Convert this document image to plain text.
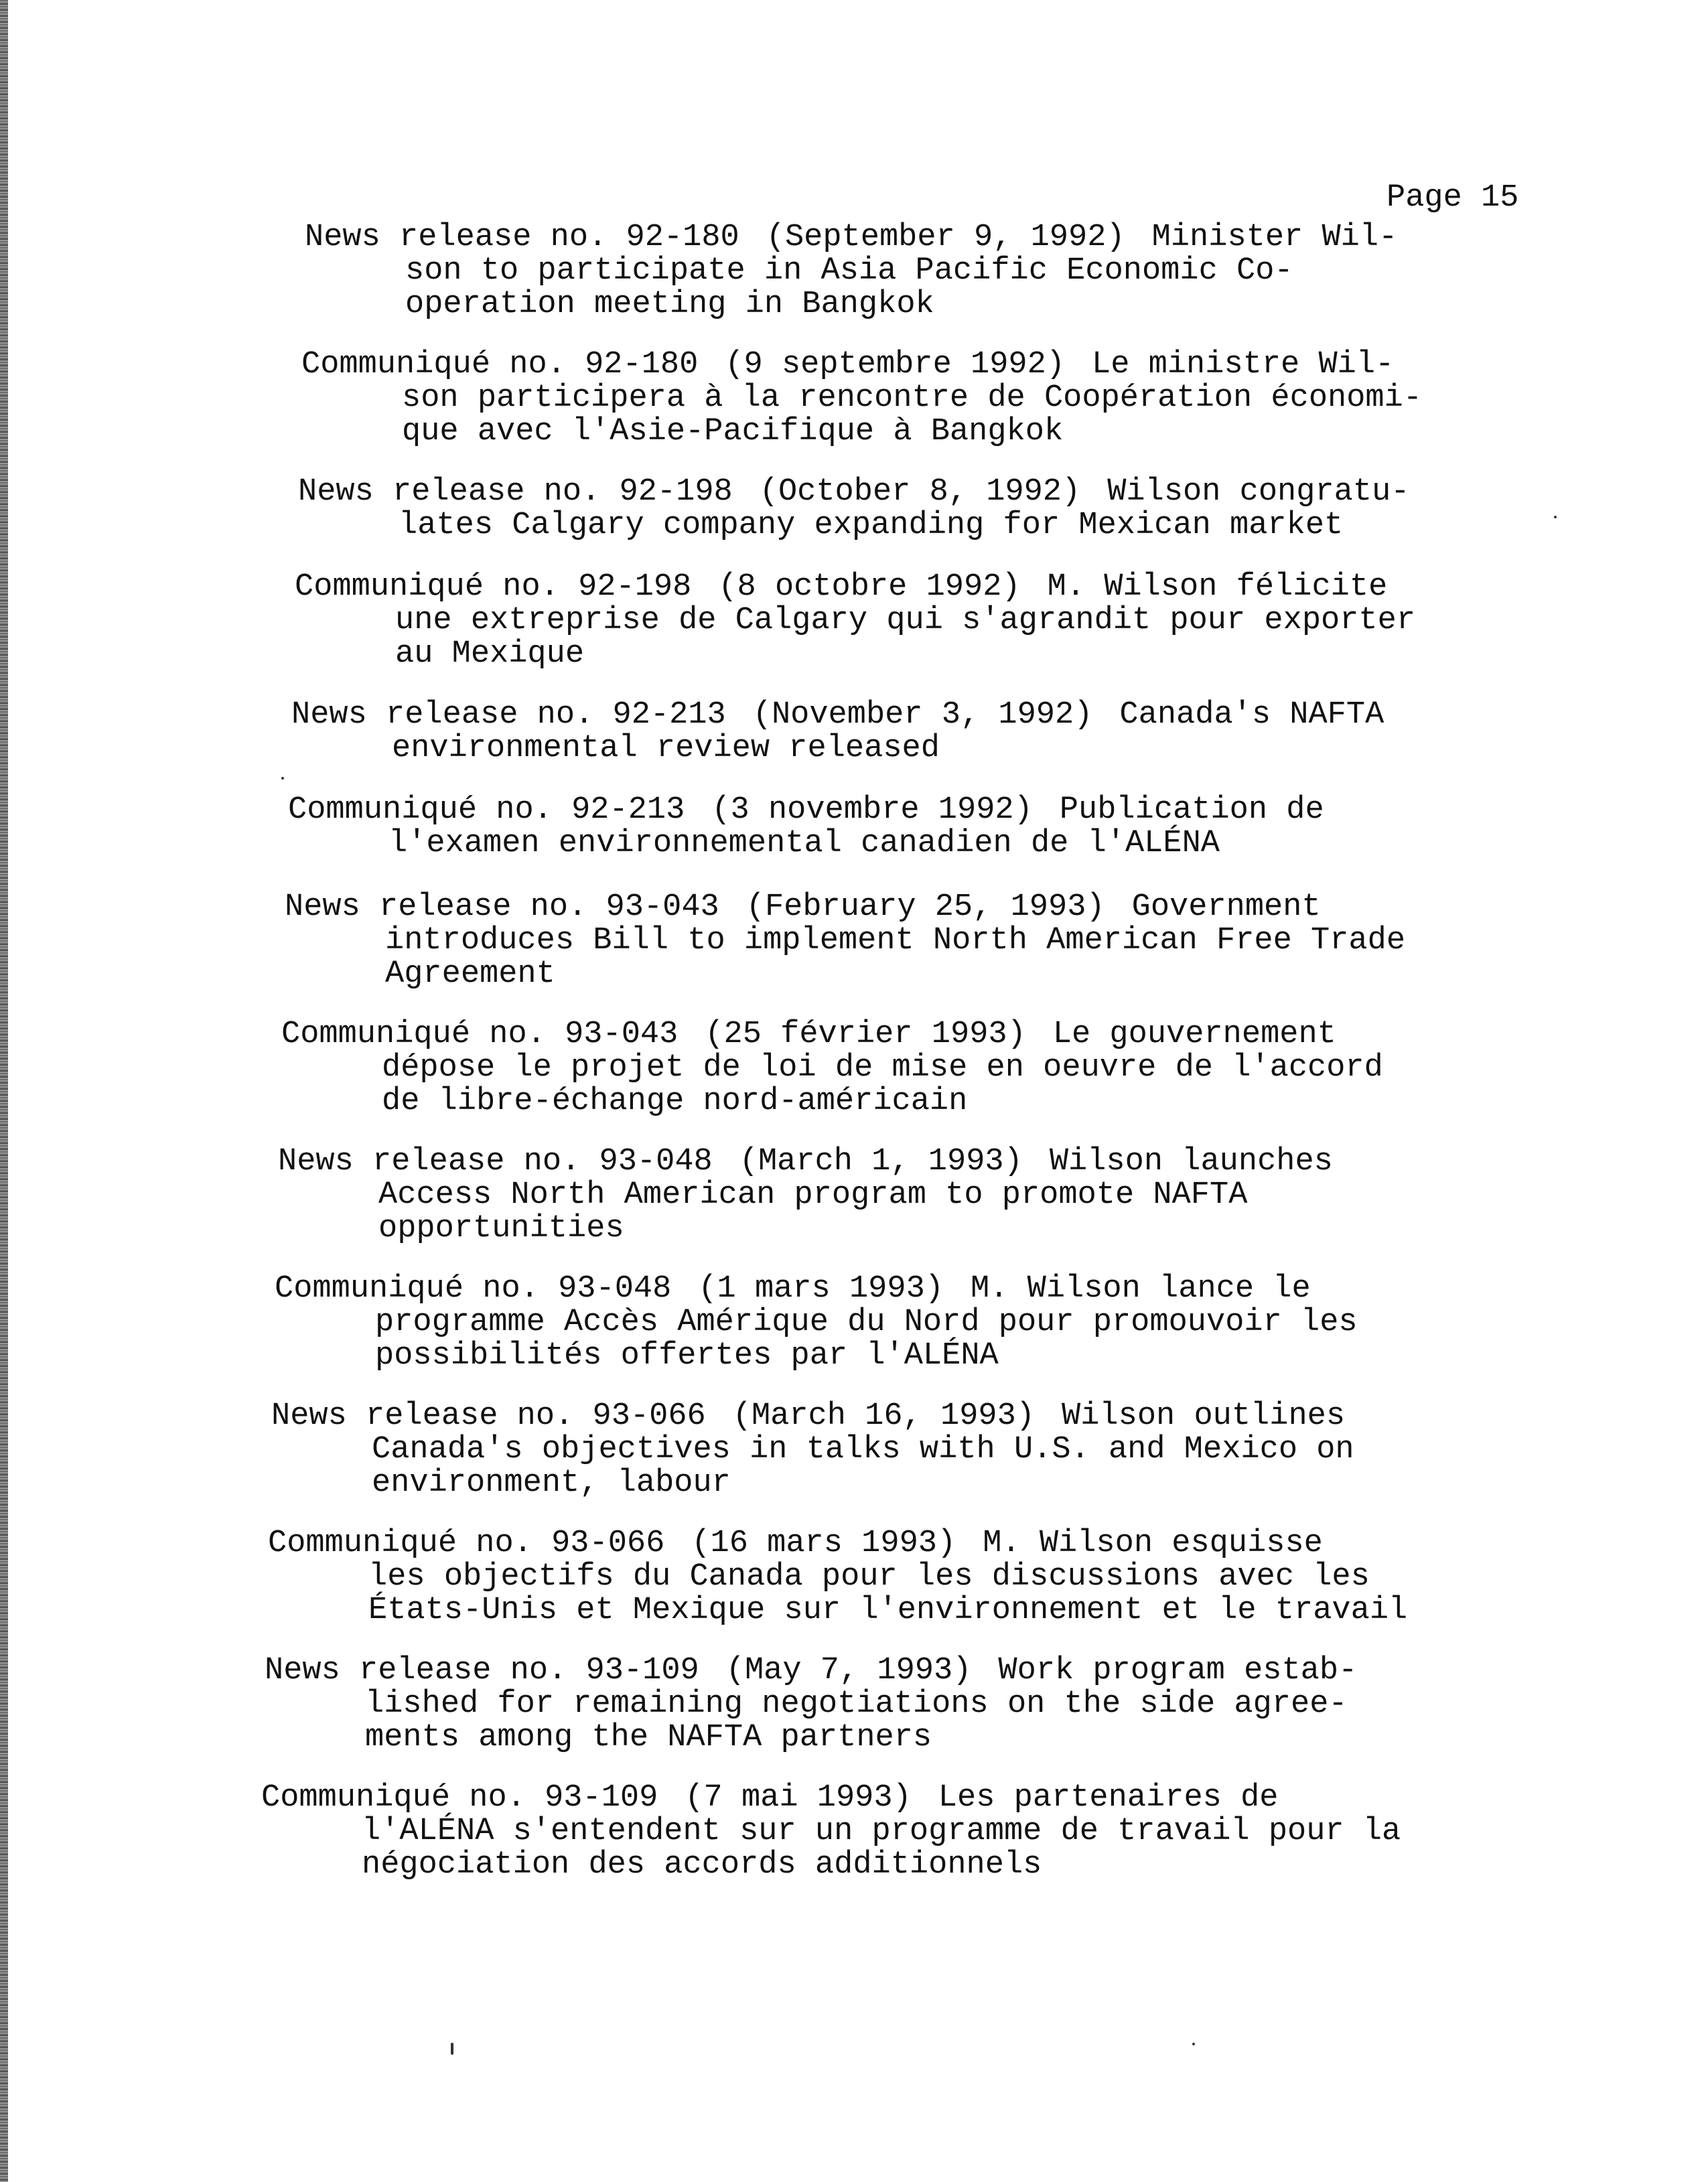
Page 15
News release no. 92-180 (September 9, 1992) Minister Wil-
son to participate in Asia Pacific Economic Co-
operation meeting in Bangkok
Communiqué no. 92-180 (9 septembre 1992) Le ministre Wil-
son participera à la rencontre de Coopération économi-
que avec l'Asie-Pacifique à Bangkok
News release no. 92-198 (October 8, 1992) Wilson congratu-
lates Calgary company expanding for Mexican market
Communiqué no. 92-198 (8 octobre 1992) M. Wilson félicite
une extreprise de Calgary qui s'agrandit pour exporter
au Mexique
News release no. 92-213 (November 3, 1992) Canada's NAFTA
environmental review released
Communiqué no. 92-213 (3 novembre 1992) Publication de
l'examen environnemental canadien de l'ALÉNA
News release no. 93-043 (February 25, 1993) Government
introduces Bill to implement North American Free Trade
Agreement
Communiqué no. 93-043 (25 février 1993) Le gouvernement
dépose le projet de loi de mise en oeuvre de l'accord
de libre-échange nord-américain
News release no. 93-048 (March 1, 1993) Wilson launches
Access North American program to promote NAFTA
opportunities
Communiqué no. 93-048 (1 mars 1993) M. Wilson lance le
programme Accès Amérique du Nord pour promouvoir les
possibilités offertes par l'ALÉNA
News release no. 93-066 (March 16, 1993) Wilson outlines
Canada's objectives in talks with U.S. and Mexico on
environment, labour
Communiqué no. 93-066 (16 mars 1993) M. Wilson esquisse
les objectifs du Canada pour les discussions avec les
États-Unis et Mexique sur l'environnement et le travail
News release no. 93-109 (May 7, 1993) Work program estab-
lished for remaining negotiations on the side agree-
ments among the NAFTA partners
Communiqué no. 93-109 (7 mai 1993) Les partenaires de
l'ALÉNA s'entendent sur un programme de travail pour la
négociation des accords additionnels
